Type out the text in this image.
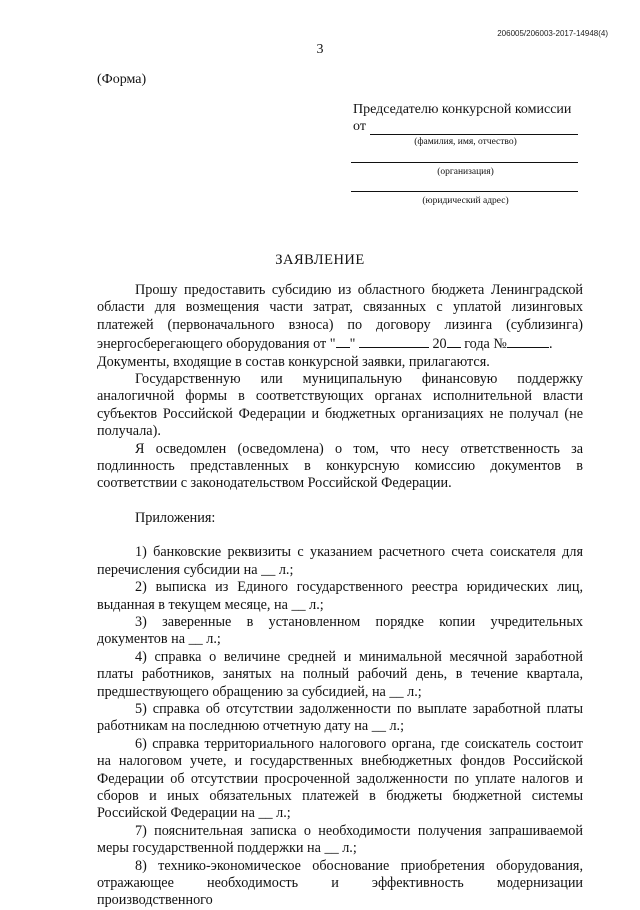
206005/206003-2017-14948(4)
3
(Форма)
Председателю конкурсной комиссии
от
(фамилия, имя, отчество)
(организация)
(юридический адрес)
ЗАЯВЛЕНИЕ

Прошу предоставить субсидию из областного бюджета Ленинградской области для возмещения части затрат, связанных с уплатой лизинговых платежей (первоначального взноса) по договору лизинга (сублизинга) энергосберегающего оборудования от " "	20 года №	.

Документы, входящие в состав конкурсной заявки, прилагаются.

Государственную или муниципальную финансовую поддержку аналогичной формы в соответствующих органах исполнительной власти субъектов Российской Федерации и бюджетных организациях не получал (не получала).

Я осведомлен (осведомлена) о том, что несу ответственность за подлинность представленных в конкурсную комиссию документов в соответствии с законодательством Российской Федерации.

Приложения:

1) банковские реквизиты с указанием расчетного счета соискателя для перечисления субсидии на __ л.;

2) выписка из Единого государственного реестра юридических лиц, выданная в текущем месяце, на __ л.;

3) заверенные в установленном порядке копии учредительных документов на __ л.;

4) справка о величине средней и минимальной месячной заработной платы работников, занятых на полный рабочий день, в течение квартала, предшествующего обращению за субсидией, на __ л.;

5) справка об отсутствии задолженности по выплате заработной платы работникам на последнюю отчетную дату на __ л.;

6) справка территориального налогового органа, где соискатель состоит на налоговом учете, и государственных внебюджетных фондов Российской Федерации об отсутствии просроченной задолженности по уплате налогов и сборов и иных обязательных платежей в бюджеты бюджетной системы Российской Федерации на __ л.;

7) пояснительная записка о необходимости получения запрашиваемой меры государственной поддержки на __ л.;

8) технико-экономическое обоснование приобретения оборудования, отражающее необходимость и эффективность модернизации производственного
